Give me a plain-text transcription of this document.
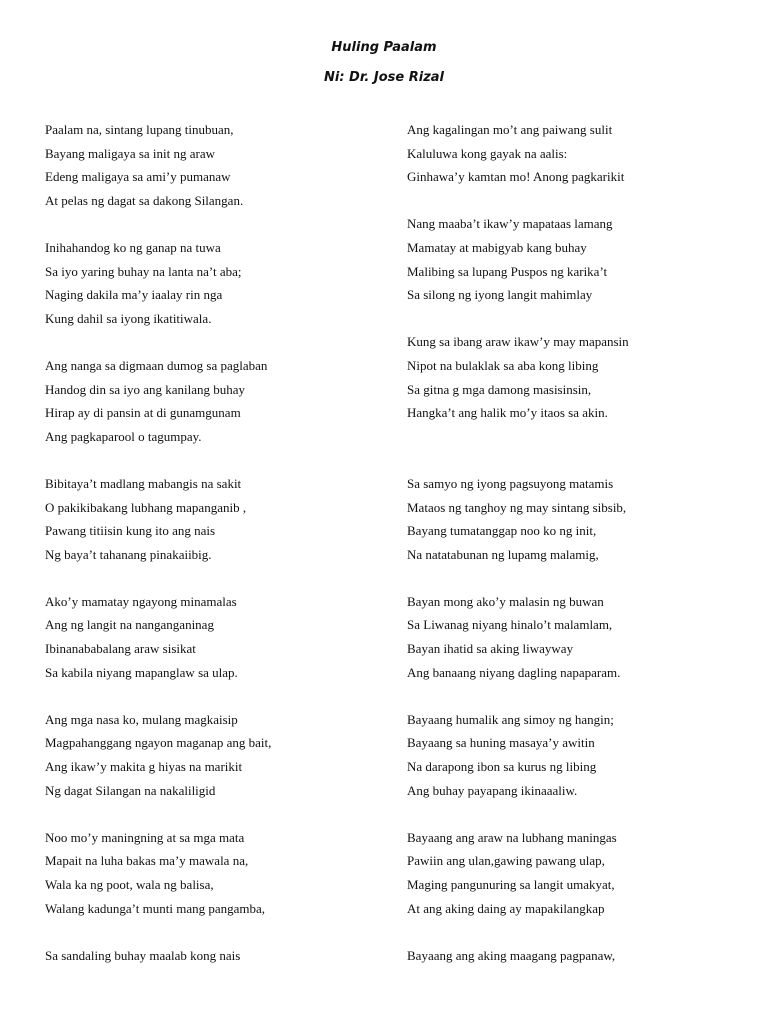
Huling Paalam
Ni: Dr. Jose Rizal
Paalam na, sintang lupang tinubuan,
Bayang maligaya sa init ng araw
Edeng maligaya sa ami’y pumanaw
At pelas ng dagat sa dakong Silangan.
Inihahandog ko ng ganap na tuwa
Sa iyo yaring buhay na lanta na’t aba;
Naging dakila ma’y iaalay rin nga
Kung dahil sa iyong ikatitiwala.
Ang nanga sa digmaan dumog sa paglaban
Handog din sa iyo ang kanilang buhay
Hirap ay di pansin at di gunamgunam
Ang pagkaparool o tagumpay.
Bibitaya’t madlang mabangis na sakit
O pakikibakang lubhang mapanganib ,
Pawang titiisin kung ito ang nais
Ng baya’t tahanang pinakaiibig.
Ako’y mamatay ngayong minamalas
Ang ng langit na nanganganinag
Ibinanababalang araw sisikat
Sa kabila niyang mapanglaw sa ulap.
Ang mga nasa ko, mulang magkaisip
Magpahanggang ngayon maganap ang bait,
Ang ikaw’y makita g hiyas na marikit
Ng dagat Silangan na nakaliligid
Noo mo’y maningning at sa mga mata
Mapait na luha bakas ma’y mawala na,
Wala ka ng poot, wala ng balisa,
Walang kadunga’t munti mang pangamba,
Sa sandaling buhay maalab kong nais
Ang kagalingan mo’t ang paiwang sulit
Kaluluwa kong gayak na aalis:
Ginhawa’y kamtan mo! Anong pagkarikit
Nang maaba’t ikaw’y mapataas lamang
Mamatay at mabigyab kang buhay
Malibing sa lupang Puspos ng karika’t
Sa silong ng iyong langit mahimlay
Kung sa ibang araw ikaw’y may mapansin
Nipot na bulaklak sa aba kong libing
Sa gitna g mga damong masisinsin,
Hangka’t ang halik mo’y itaos sa akin.
Sa samyo ng iyong pagsuyong matamis
Mataos ng tanghoy ng may sintang sibsib,
Bayang tumatanggap noo ko ng init,
Na natatabunan ng lupamg malamig,
Bayan mong ako’y malasin ng buwan
Sa Liwanag niyang hinalo’t malamlam,
Bayan ihatid sa aking liwayway
Ang banaang niyang dagling napaparam.
Bayaang humalik ang simoy ng hangin;
Bayaang sa huning masaya’y awitin
Na darapong ibon sa kurus ng libing
Ang buhay payapang ikinaaaliw.
Bayaang ang araw na lubhang maningas
Pawiin ang ulan,gawing pawang ulap,
Maging pangunuring sa langit umakyat,
At ang aking daing ay mapakilangkap
Bayaang ang aking maagang pagpanaw,
